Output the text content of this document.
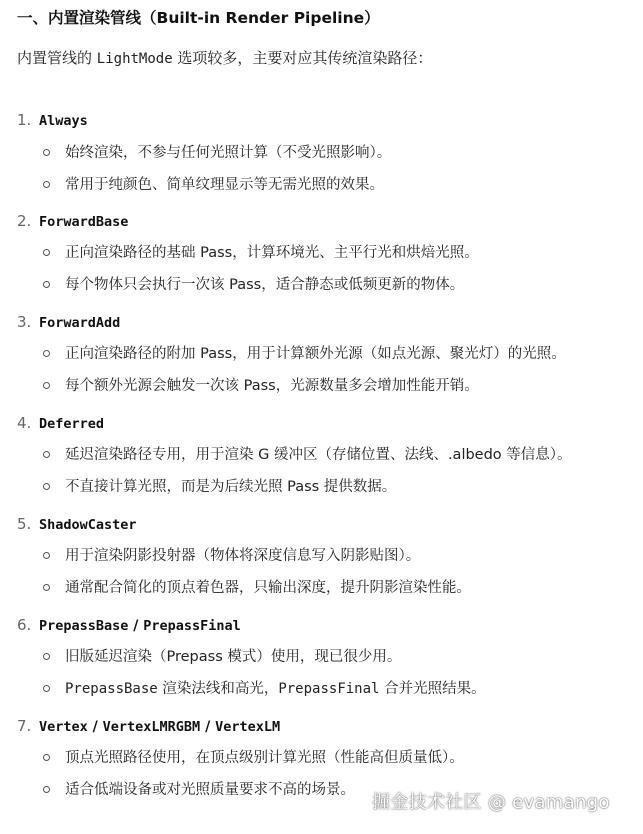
一、内置渲染管线（Built-in Render Pipeline）
内置管线的 LightMode 选项较多，主要对应其传统渲染路径：
1. Always
始终渲染，不参与任何光照计算（不受光照影响）。
常用于纯颜色、简单纹理显示等无需光照的效果。
2. ForwardBase
正向渲染路径的基础 Pass，计算环境光、主平行光和烘焙光照。
每个物体只会执行一次该 Pass，适合静态或低频更新的物体。
3. ForwardAdd
正向渲染路径的附加 Pass，用于计算额外光源（如点光源、聚光灯）的光照。
每个额外光源会触发一次该 Pass，光源数量多会增加性能开销。
4. Deferred
延迟渲染路径专用，用于渲染 G 缓冲区（存储位置、法线、.albedo 等信息）。
不直接计算光照，而是为后续光照 Pass 提供数据。
5. ShadowCaster
用于渲染阴影投射器（物体将深度信息写入阴影贴图）。
通常配合简化的顶点着色器，只输出深度，提升阴影渲染性能。
6. PrepassBase / PrepassFinal
旧版延迟渲染（Prepass 模式）使用，现已很少用。
PrepassBase 渲染法线和高光，PrepassFinal 合并光照结果。
7. Vertex / VertexLMRGBM / VertexLM
顶点光照路径使用，在顶点级别计算光照（性能高但质量低）。
适合低端设备或对光照质量要求不高的场景。
掘金技术社区 @ evamango
